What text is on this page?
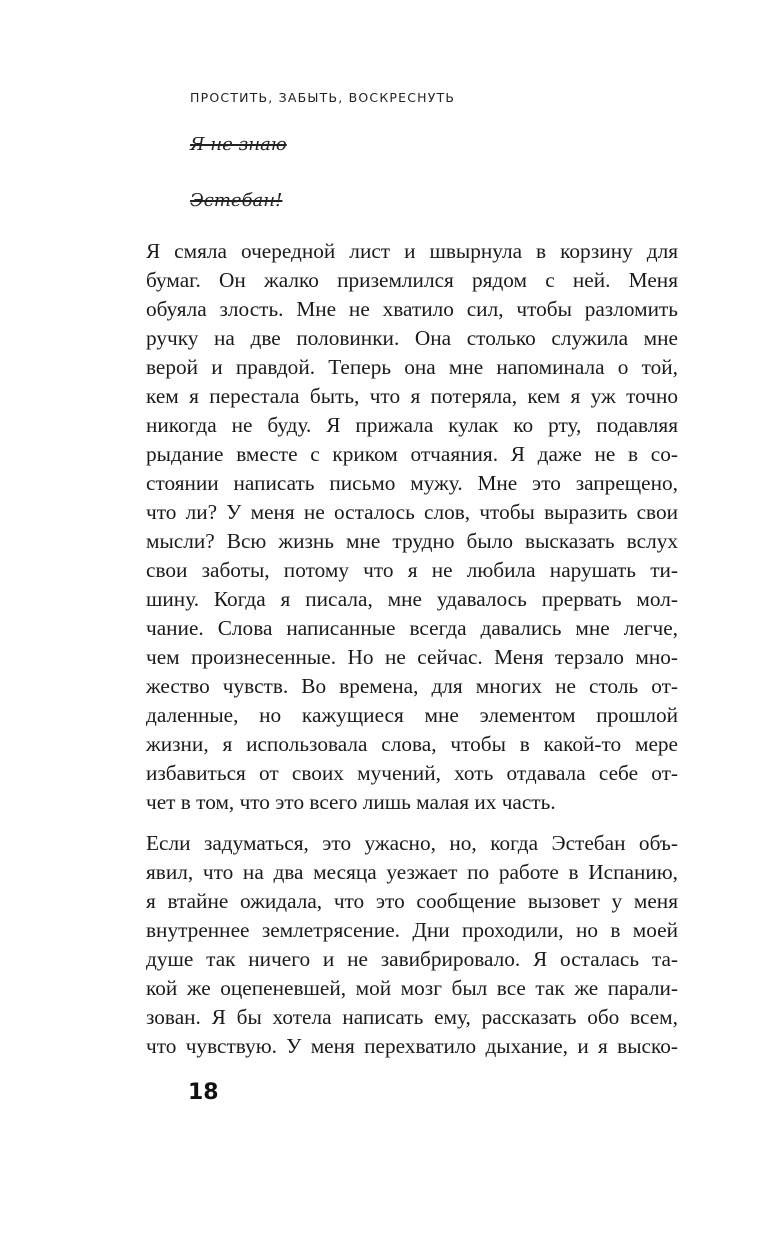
ПРОСТИТЬ, ЗАБЫТЬ, ВОСКРЕСНУТЬ
Я не знаю
Эстебан!

Я смяла очередной лист и швырнула в корзину для
бумаг. Он жалко приземлился рядом с ней. Меня
обуяла злость. Мне не хватило сил, чтобы разломить
ручку на две половинки. Она столько служила мне
верой и правдой. Теперь она мне напоминала о той,
кем я перестала быть, что я потеряла, кем я уж точно
никогда не буду. Я прижала кулак ко рту, подавляя
рыдание вместе с криком отчаяния. Я даже не в со-
стоянии написать письмо мужу. Мне это запрещено,
что ли? У меня не осталось слов, чтобы выразить свои
мысли? Всю жизнь мне трудно было высказать вслух
свои заботы, потому что я не любила нарушать ти-
шину. Когда я писала, мне удавалось прервать мол-
чание. Слова написанные всегда давались мне легче,
чем произнесенные. Но не сейчас. Меня терзало мно-
жество чувств. Во времена, для многих не столь от-
даленные, но кажущиеся мне элементом прошлой
жизни, я использовала слова, чтобы в какой-то мере
избавиться от своих мучений, хоть отдавала себе от-
чет в том, что это всего лишь малая их часть.

Если задуматься, это ужасно, но, когда Эстебан объ-
явил, что на два месяца уезжает по работе в Испанию,
я втайне ожидала, что это сообщение вызовет у меня
внутреннее землетрясение. Дни проходили, но в моей
душе так ничего и не завибрировало. Я осталась та-
кой же оцепеневшей, мой мозг был все так же парали-
зован. Я бы хотела написать ему, рассказать обо всем,
что чувствую. У меня перехватило дыхание, и я выско-

18
